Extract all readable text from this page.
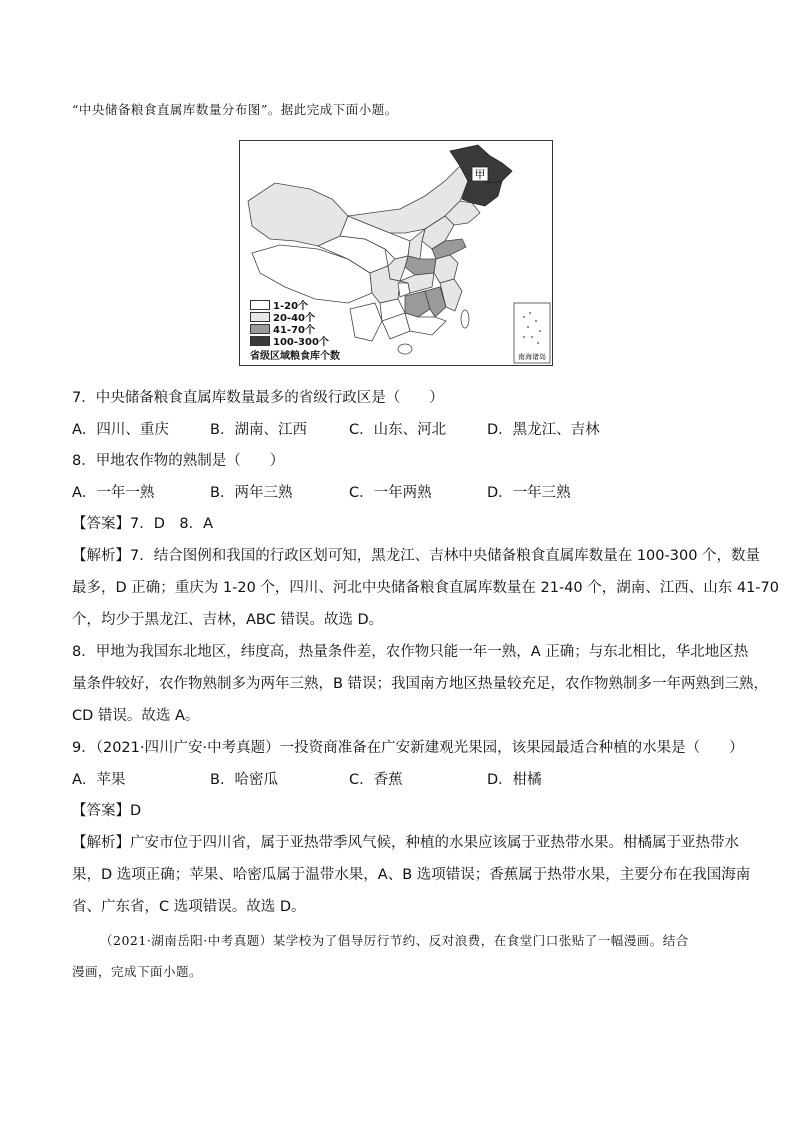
“中央储备粮食直属库数量分布图”。据此完成下面小题。
甲
南海诸岛
1-20个
20-40个
41-70个
100-300个
省级区域粮食库个数
7．中央储备粮食直属库数量最多的省级行政区是（　　）
A．四川、重庆	B．湖南、江西	C．山东、河北	D．黑龙江、吉林
8．甲地农作物的熟制是（　　）
A．一年一熟	B．两年三熟	C．一年两熟	D．一年三熟
【答案】7．D　8．A
【解析】7．结合图例和我国的行政区划可知，黑龙江、吉林中央储备粮食直属库数量在 100-300 个，数量
最多，D 正确；重庆为 1-20 个，四川、河北中央储备粮食直属库数量在 21-40 个，湖南、江西、山东 41-70
个，均少于黑龙江、吉林，ABC 错误。故选 D。
8．甲地为我国东北地区，纬度高，热量条件差，农作物只能一年一熟，A 正确；与东北相比，华北地区热
量条件较好，农作物熟制多为两年三熟，B 错误；我国南方地区热量较充足，农作物熟制多一年两熟到三熟，
CD 错误。故选 A。
9．（2021·四川广安·中考真题）一投资商准备在广安新建观光果园，该果园最适合种植的水果是（　　）
A．苹果	B．哈密瓜	C．香蕉	D．柑橘
【答案】D
【解析】广安市位于四川省，属于亚热带季风气候，种植的水果应该属于亚热带水果。柑橘属于亚热带水
果，D 选项正确；苹果、哈密瓜属于温带水果，A、B 选项错误；香蕉属于热带水果，主要分布在我国海南
省、广东省，C 选项错误。故选 D。
（2021·湖南岳阳·中考真题）某学校为了倡导厉行节约、反对浪费，在食堂门口张贴了一幅漫画。结合
漫画，完成下面小题。
